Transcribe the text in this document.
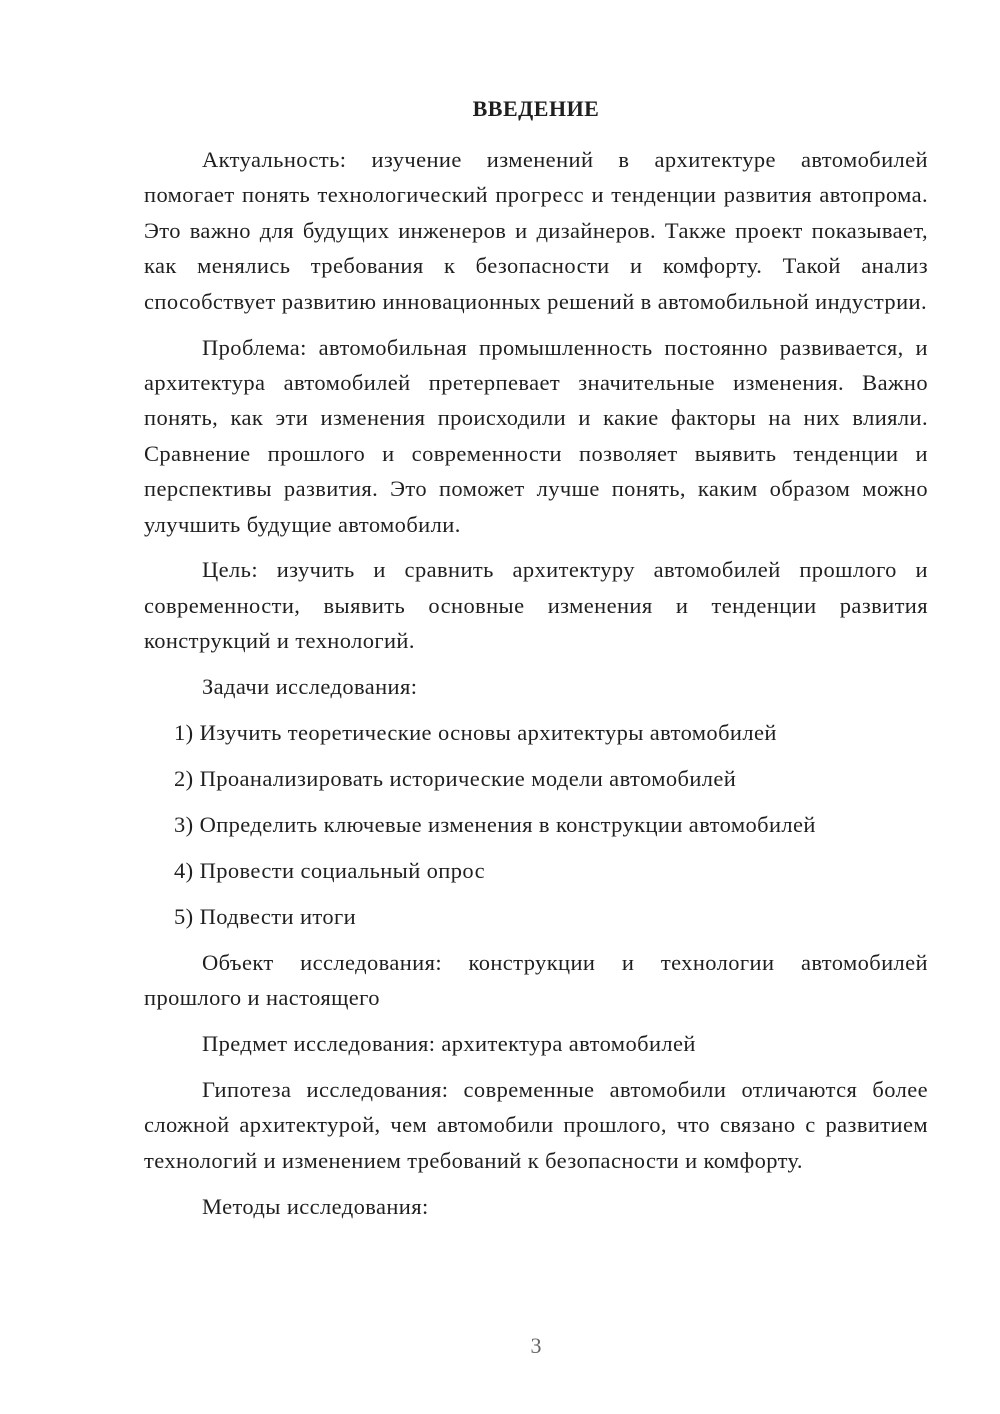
ВВЕДЕНИЕ

Актуальность: изучение изменений в архитектуре автомобилей помогает понять технологический прогресс и тенденции развития автопрома. Это важно для будущих инженеров и дизайнеров. Также проект показывает, как менялись требования к безопасности и комфорту. Такой анализ способствует развитию инновационных решений в автомобильной индустрии.

Проблема: автомобильная промышленность постоянно развивается, и архитектура автомобилей претерпевает значительные изменения. Важно понять, как эти изменения происходили и какие факторы на них влияли. Сравнение прошлого и современности позволяет выявить тенденции и перспективы развития. Это поможет лучше понять, каким образом можно улучшить будущие автомобили.

Цель: изучить и сравнить архитектуру автомобилей прошлого и современности, выявить основные изменения и тенденции развития конструкций и технологий.

Задачи исследования:

1) Изучить теоретические основы архитектуры автомобилей
2) Проанализировать исторические модели автомобилей
3) Определить ключевые изменения в конструкции автомобилей
4) Провести социальный опрос
5) Подвести итоги

Объект исследования: конструкции и технологии автомобилей прошлого и настоящего

Предмет исследования: архитектура автомобилей

Гипотеза исследования: современные автомобили отличаются более сложной архитектурой, чем автомобили прошлого, что связано с развитием технологий и изменением требований к безопасности и комфорту.

Методы исследования:

3
